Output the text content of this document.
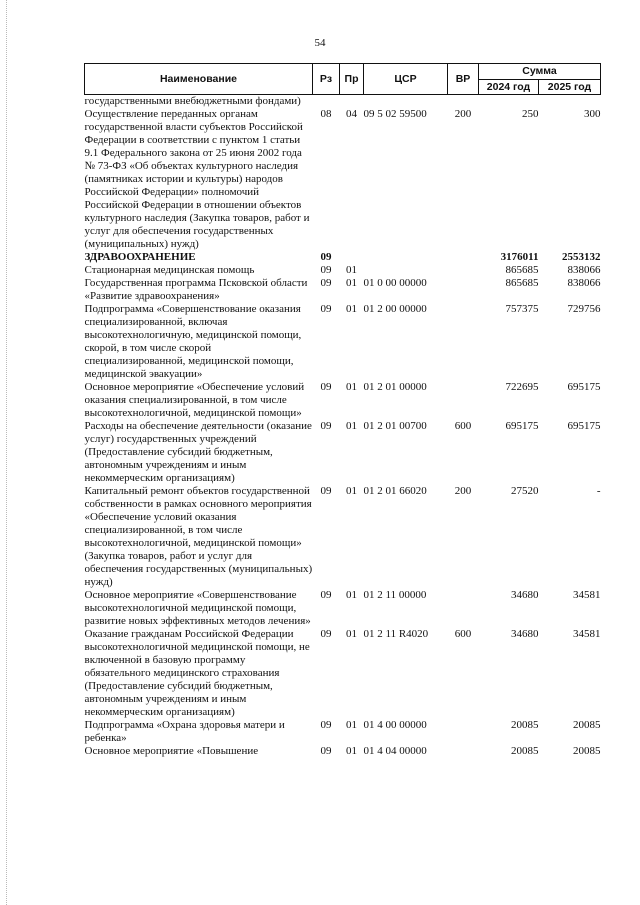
54
Наименование	Рз	Пр	ЦСР	ВР	Сумма	
					2024 год	2025 год
государственными внебюджетными фондами)						
Осуществление переданных органам государственной власти субъектов Российской Федерации в соответствии с пунктом 1 статьи 9.1 Федерального закона от 25 июня 2002 года № 73-ФЗ «Об объектах культурного наследия (памятниках истории и культуры) народов Российской Федерации» полномочий Российской Федерации в отношении объектов культурного наследия (Закупка товаров, работ и услуг для обеспечения государственных (муниципальных) нужд)	08	04	09 5 02 59500	200	250	300
ЗДРАВООХРАНЕНИЕ	09				3176011	2553132
Стационарная медицинская помощь	09	01			865685	838066
Государственная программа Псковской области «Развитие здравоохранения»	09	01	01 0 00 00000		865685	838066
Подпрограмма «Совершенствование оказания специализированной, включая высокотехнологичную, медицинской помощи, скорой, в том числе скорой специализированной, медицинской помощи, медицинской эвакуации»	09	01	01 2 00 00000		757375	729756
Основное мероприятие «Обеспечение условий оказания специализированной, в том числе высокотехнологичной, медицинской помощи»	09	01	01 2 01 00000		722695	695175
Расходы на обеспечение деятельности (оказание услуг) государственных учреждений (Предоставление субсидий бюджетным, автономным учреждениям и иным некоммерческим организациям)	09	01	01 2 01 00700	600	695175	695175
Капитальный ремонт объектов государственной собственности в рамках основного мероприятия «Обеспечение условий оказания специализированной, в том числе высокотехнологичной, медицинской помощи» (Закупка товаров, работ и услуг для обеспечения государственных (муниципальных) нужд)	09	01	01 2 01 66020	200	27520	-
Основное мероприятие «Совершенствование высокотехнологичной медицинской помощи, развитие новых эффективных методов лечения»	09	01	01 2 11 00000		34680	34581
Оказание гражданам Российской Федерации высокотехнологичной медицинской помощи, не включенной в базовую программу обязательного медицинского страхования (Предоставление субсидий бюджетным, автономным учреждениям и иным некоммерческим организациям)	09	01	01 2 11 R4020	600	34680	34581
Подпрограмма «Охрана здоровья матери и ребенка»	09	01	01 4 00 00000		20085	20085
Основное мероприятие «Повышение	09	01	01 4 04 00000		20085	20085
